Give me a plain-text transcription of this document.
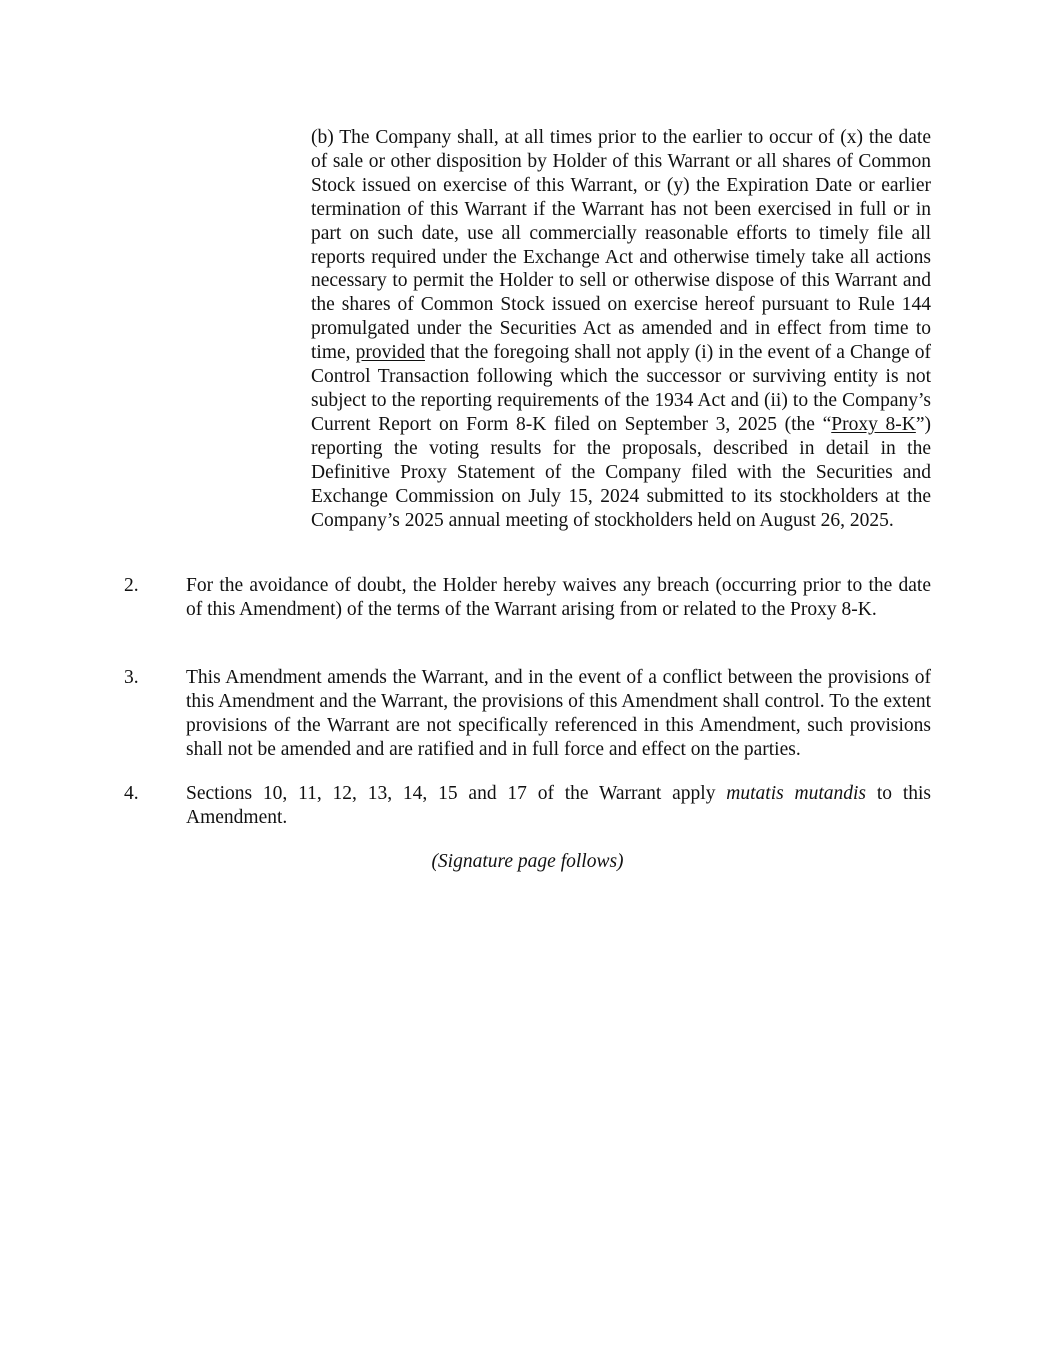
(b) The Company shall, at all times prior to the earlier to occur of (x) the date of sale or other disposition by Holder of this Warrant or all shares of Common Stock issued on exercise of this Warrant, or (y) the Expiration Date or earlier termination of this Warrant if the Warrant has not been exercised in full or in part on such date, use all commercially reasonable efforts to timely file all reports required under the Exchange Act and otherwise timely take all actions necessary to permit the Holder to sell or otherwise dispose of this Warrant and the shares of Common Stock issued on exercise hereof pursuant to Rule 144 promulgated under the Securities Act as amended and in effect from time to time, provided that the foregoing shall not apply (i) in the event of a Change of Control Transaction following which the successor or surviving entity is not subject to the reporting requirements of the 1934 Act and (ii) to the Company’s Current Report on Form 8-K filed on September 3, 2025 (the “Proxy 8-K”) reporting the voting results for the proposals, described in detail in the Definitive Proxy Statement of the Company filed with the Securities and Exchange Commission on July 15, 2024 submitted to its stockholders at the Company’s 2025 annual meeting of stockholders held on August 26, 2025.

2. For the avoidance of doubt, the Holder hereby waives any breach (occurring prior to the date of this Amendment) of the terms of the Warrant arising from or related to the Proxy 8-K.
3. This Amendment amends the Warrant, and in the event of a conflict between the provisions of this Amendment and the Warrant, the provisions of this Amendment shall control. To the extent provisions of the Warrant are not specifically referenced in this Amendment, such provisions shall not be amended and are ratified and in full force and effect on the parties.
4. Sections 10, 11, 12, 13, 14, 15 and 17 of the Warrant apply mutatis mutandis to this Amendment.
(Signature page follows)
